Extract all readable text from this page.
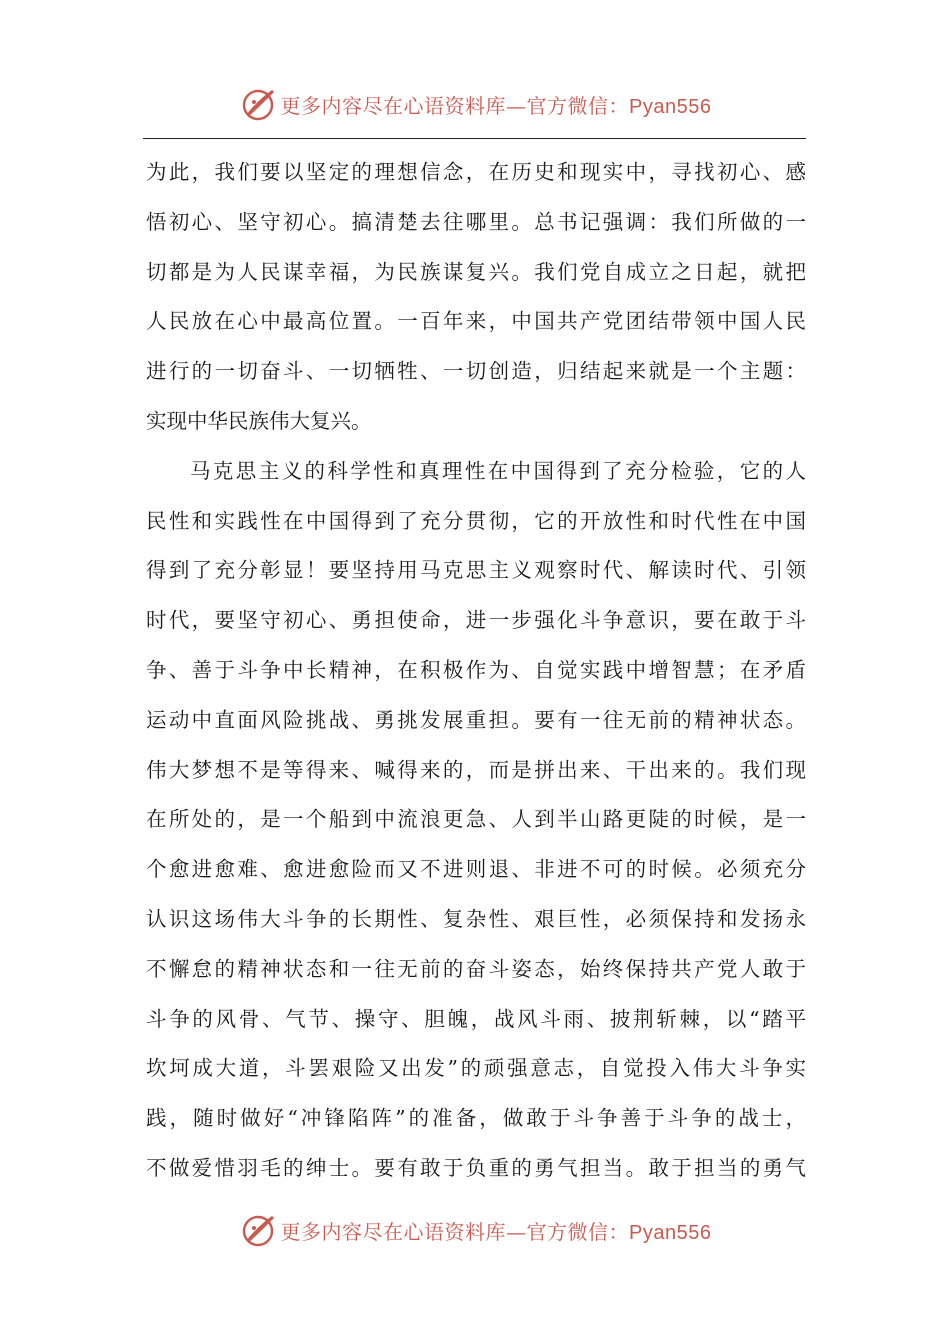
更多内容尽在心语资料库—官方微信：Pyan556
为此，我们要以坚定的理想信念，在历史和现实中，寻找初心、感
悟初心、坚守初心。搞清楚去往哪里。总书记强调：我们所做的一
切都是为人民谋幸福，为民族谋复兴。我们党自成立之日起，就把
人民放在心中最高位置。一百年来，中国共产党团结带领中国人民
进行的一切奋斗、一切牺牲、一切创造，归结起来就是一个主题：
实现中华民族伟大复兴。
马克思主义的科学性和真理性在中国得到了充分检验，它的人
民性和实践性在中国得到了充分贯彻，它的开放性和时代性在中国
得到了充分彰显！要坚持用马克思主义观察时代、解读时代、引领
时代，要坚守初心、勇担使命，进一步强化斗争意识，要在敢于斗
争、善于斗争中长精神，在积极作为、自觉实践中增智慧；在矛盾
运动中直面风险挑战、勇挑发展重担。要有一往无前的精神状态。
伟大梦想不是等得来、喊得来的，而是拼出来、干出来的。我们现
在所处的，是一个船到中流浪更急、人到半山路更陡的时候，是一
个愈进愈难、愈进愈险而又不进则退、非进不可的时候。必须充分
认识这场伟大斗争的长期性、复杂性、艰巨性，必须保持和发扬永
不懈怠的精神状态和一往无前的奋斗姿态，始终保持共产党人敢于
斗争的风骨、气节、操守、胆魄，战风斗雨、披荆斩棘，以“踏平
坎坷成大道，斗罢艰险又出发”的顽强意志，自觉投入伟大斗争实
践，随时做好“冲锋陷阵”的准备，做敢于斗争善于斗争的战士，
不做爱惜羽毛的绅士。要有敢于负重的勇气担当。敢于担当的勇气
更多内容尽在心语资料库—官方微信：Pyan556
